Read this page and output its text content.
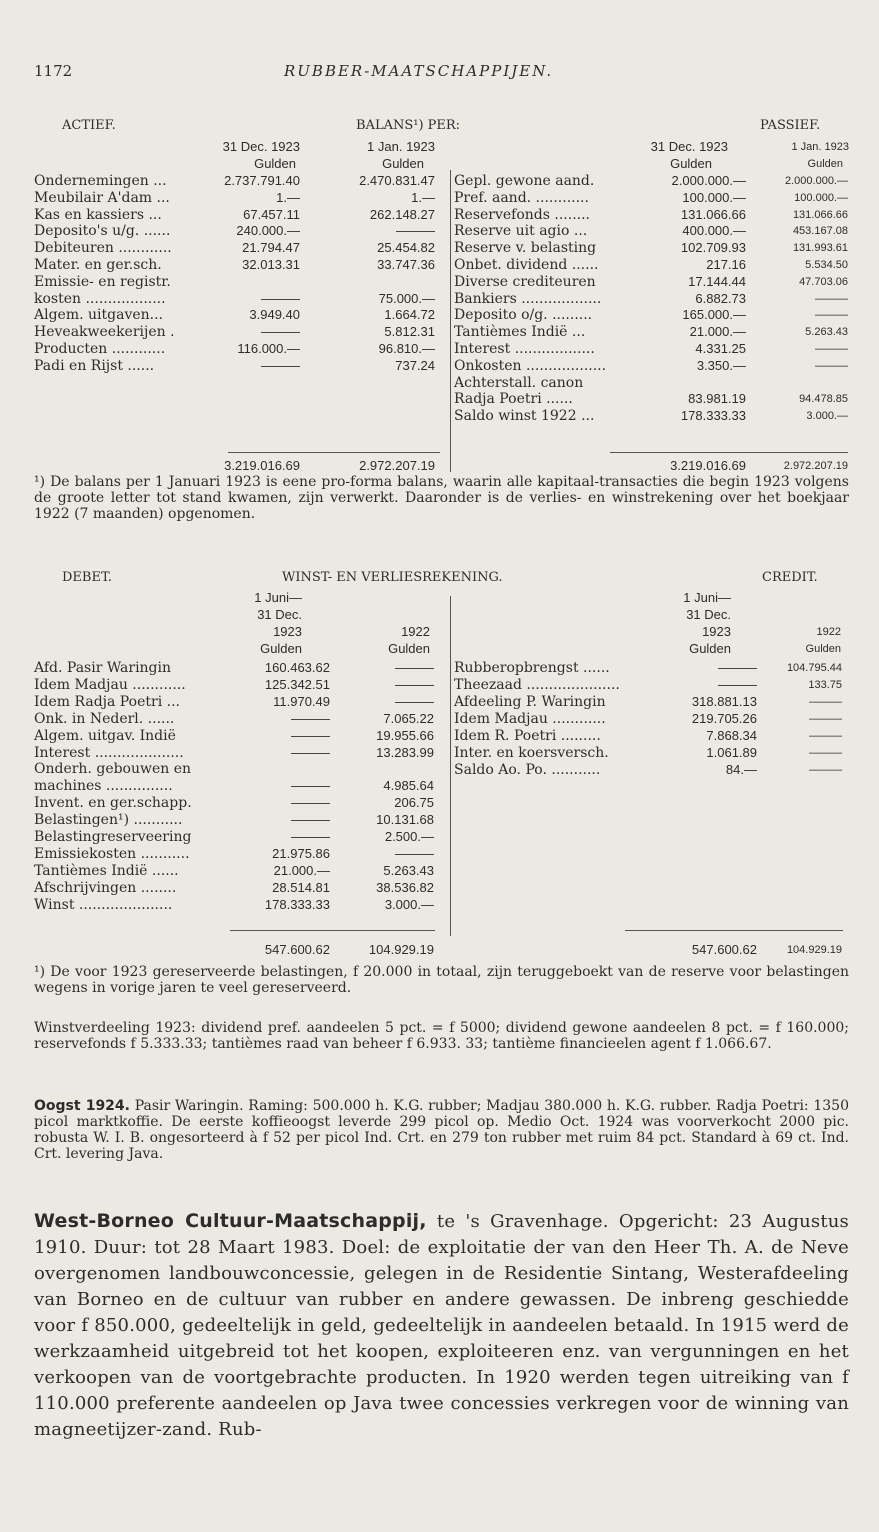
1172	RUBBER-MAATSCHAPPIJEN.
ACTIEF.	BALANS¹) PER:	PASSIEF.
31 Dec. 1923	1 Jan. 1923
Gulden	Gulden
31 Dec. 1923	1 Jan. 1923
Gulden	Gulden
Ondernemingen ...	2.737.791.40	2.470.831.47
Meubilair A'dam ...	1.—	1.—
Kas en kassiers ...	67.457.11	262.148.27
Deposito's u/g. ......	240.000.—	———
Debiteuren ............	21.794.47	25.454.82
Mater. en ger.sch.	32.013.31	33.747.36
Emissie- en registr.
kosten ..................	———	75.000.—
Algem. uitgaven...	3.949.40	1.664.72
Heveakweekerijen .	———	5.812.31
Producten ............	116.000.—	96.810.—
Padi en Rijst ......	———	737.24
Gepl. gewone aand.	2.000.000.—	2.000.000.—
Pref. aand. ............	100.000.—	100.000.—
Reservefonds ........	131.066.66	131.066.66
Reserve uit agio ...	400.000.—	453.167.08
Reserve v. belasting	102.709.93	131.993.61
Onbet. dividend ......	217.16	5.534.50
Diverse crediteuren	17.144.44	47.703.06
Bankiers ..................	6.882.73	———
Deposito o/g. .........	165.000.—	———
Tantièmes Indië ...	21.000.—	5.263.43
Interest ..................	4.331.25	———
Onkosten ..................	3.350.—	———
Achterstall. canon
Radja Poetri ......	83.981.19	94.478.85
Saldo winst 1922 ...	178.333.33	3.000.—
3.219.016.69	2.972.207.19	3.219.016.69	2.972.207.19

¹) De balans per 1 Januari 1923 is eene pro-forma balans, waarin alle kapitaal-transacties die begin 1923 volgens de groote letter tot stand kwamen, zijn verwerkt. Daaronder is de verlies- en winstrekening over het boekjaar 1922 (7 maanden) opgenomen.

DEBET.	WINST- EN VERLIESREKENING.	CREDIT.
1 Juni—
31 Dec.
1923
Gulden
1922
Gulden
1 Juni—
31 Dec.
1923
Gulden
1922
Gulden
Afd. Pasir Waringin	160.463.62	———
Idem Madjau ............	125.342.51	———
Idem Radja Poetri ...	11.970.49	———
Onk. in Nederl. ......	———	7.065.22
Algem. uitgav. Indië	———	19.955.66
Interest ....................	———	13.283.99
Onderh. gebouwen en
machines ...............	———	4.985.64
Invent. en ger.schapp.	———	206.75
Belastingen¹) ...........	———	10.131.68
Belastingreserveering	———	2.500.—
Emissiekosten ...........	21.975.86	———
Tantièmes Indië ......	21.000.—	5.263.43
Afschrijvingen ........	28.514.81	38.536.82
Winst .....................	178.333.33	3.000.—
Rubberopbrengst ......	———	104.795.44
Theezaad .....................	———	133.75
Afdeeling P. Waringin	318.881.13	———
Idem Madjau ............	219.705.26	———
Idem R. Poetri .........	7.868.34	———
Inter. en koersversch.	1.061.89	———
Saldo Ao. Po. ...........	84.—	———
547.600.62	104.929.19	547.600.62	104.929.19

¹) De voor 1923 gereserveerde belastingen, f 20.000 in totaal, zijn teruggeboekt van de reserve voor belastingen wegens in vorige jaren te veel gereserveerd.

Winstverdeeling 1923: dividend pref. aandeelen 5 pct. = f 5000; dividend gewone aandeelen 8 pct. = f 160.000; reservefonds f 5.333.33; tantièmes raad van beheer f 6.933. 33; tantième financieelen agent f 1.066.67.

Oogst 1924. Pasir Waringin. Raming: 500.000 h. K.G. rubber; Madjau 380.000 h. K.G. rubber. Radja Poetri: 1350 picol marktkoffie. De eerste koffieoogst leverde 299 picol op. Medio Oct. 1924 was voorverkocht 2000 pic. robusta W. I. B. ongesorteerd à f 52 per picol Ind. Crt. en 279 ton rubber met ruim 84 pct. Standard à 69 ct. Ind. Crt. levering Java.

West-Borneo Cultuur-Maatschappij, te 's Gravenhage. Opgericht: 23 Augustus 1910. Duur: tot 28 Maart 1983. Doel: de exploitatie der van den Heer Th. A. de Neve overgenomen landbouwconcessie, gelegen in de Residentie Sintang, Westerafdeeling van Borneo en de cultuur van rubber en andere gewassen. De inbreng geschiedde voor f 850.000, gedeeltelijk in geld, gedeeltelijk in aandeelen betaald. In 1915 werd de werkzaamheid uitgebreid tot het koopen, exploiteeren enz. van vergunningen en het verkoopen van de voortgebrachte producten. In 1920 werden tegen uitreiking van f 110.000 preferente aandeelen op Java twee concessies verkregen voor de winning van magneetijzer-zand. Rub-
